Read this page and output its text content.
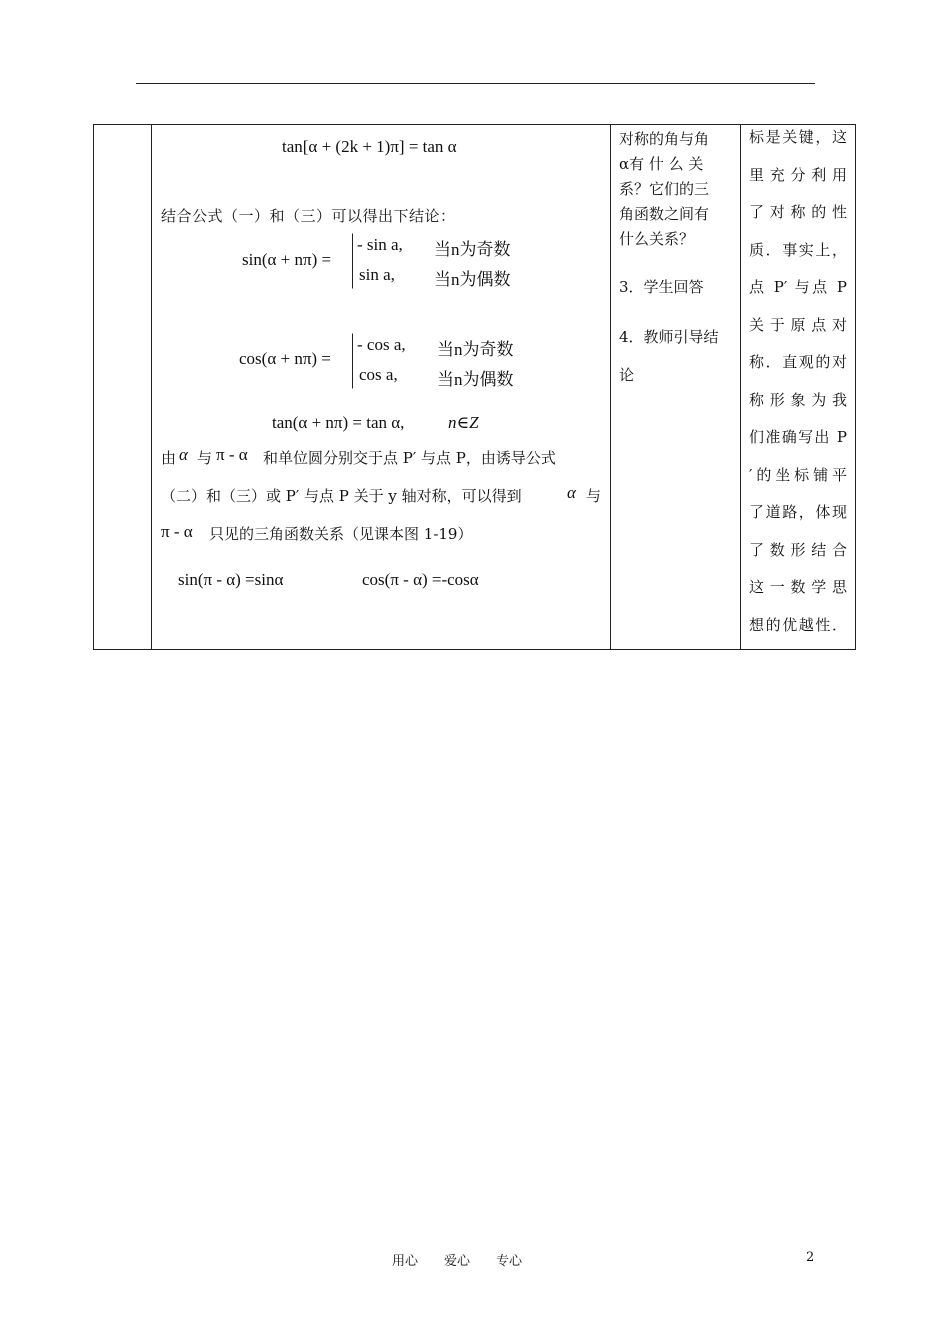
tan[α + (2k + 1)π] = tan α
结合公式（一）和（三）可以得出下结论：
sin(α + nπ) =
- sin a, 当n为奇数
sin a, 当n为偶数
cos(α + nπ) =
- cos a, 当n为奇数
cos a, 当n为偶数
tan(α + nπ) = tan α,	n∈Z
由 α 与 π - α 和单位圆分别交于点 P′ 与点 P，由诱导公式
（二）和（三）或 P′ 与点 P 关于 y 轴对称，可以得到	α 与
π - α 只见的三角函数关系（见课本图 1-19）
sin(π - α) =sinα	cos(π - α) =-cosα

对称的角与角
α有 什 么 关
系？它们的三
角函数之间有
什么关系？
3．学生回答
4．教师引导结
论

标是关键，这
里充分利用
了对称的性
质．事实上，
点 P′ 与点 P
关于原点对
称．直观的对
称形象为我
们准确写出 P
′的坐标铺平
了道路，体现
了数形结合
这一数学思
想的优越性．
用心　　爱心　　专心	2
